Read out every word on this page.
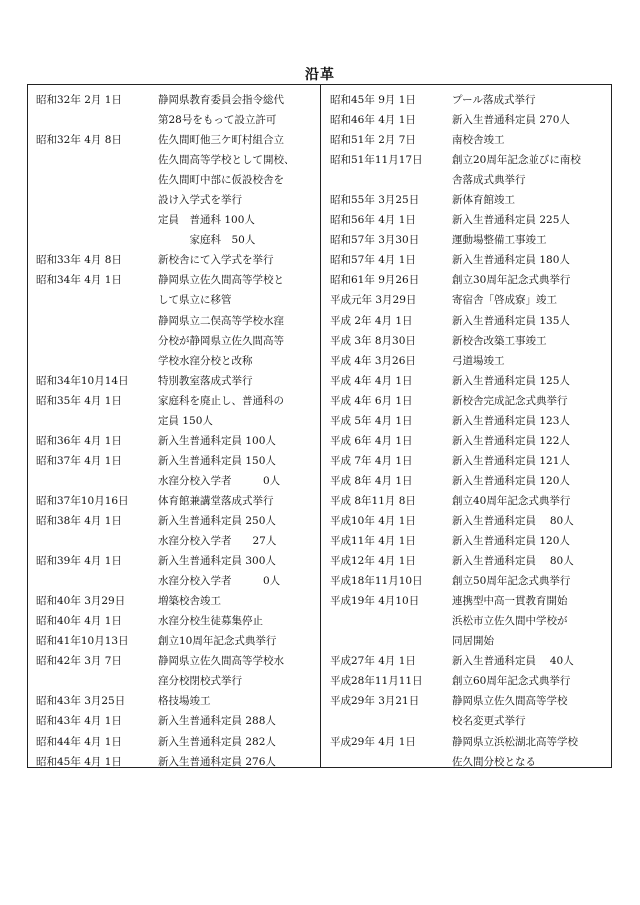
沿革
昭和32年 2月 1日	静岡県教育委員会指令総代
第28号をもって設立許可
昭和32年 4月 8日	佐久間町他三ケ町村組合立
佐久間高等学校として開校、
佐久間町中部に仮設校舎を
設け入学式を挙行
定員　普通科 100人
　　　家庭科　50人
昭和33年 4月 8日	新校舎にて入学式を挙行
昭和34年 4月 1日	静岡県立佐久間高等学校と
して県立に移管
静岡県立二俣高等学校水窪
分校が静岡県立佐久間高等
学校水窪分校と改称
昭和34年10月14日	特別教室落成式挙行
昭和35年 4月 1日	家庭科を廃止し、普通科の
定員 150人
昭和36年 4月 1日	新入生普通科定員 100人
昭和37年 4月 1日	新入生普通科定員 150人
水窪分校入学者　　　0人
昭和37年10月16日	体育館兼講堂落成式挙行
昭和38年 4月 1日	新入生普通科定員 250人
水窪分校入学者　　27人
昭和39年 4月 1日	新入生普通科定員 300人
水窪分校入学者　　　0人
昭和40年 3月29日	増築校舎竣工
昭和40年 4月 1日	水窪分校生徒募集停止
昭和41年10月13日	創立10周年記念式典挙行
昭和42年 3月 7日	静岡県立佐久間高等学校水
窪分校閉校式挙行
昭和43年 3月25日	格技場竣工
昭和43年 4月 1日	新入生普通科定員 288人
昭和44年 4月 1日	新入生普通科定員 282人
昭和45年 4月 1日	新入生普通科定員 276人
昭和45年 9月 1日	プール落成式挙行
昭和46年 4月 1日	新入生普通科定員 270人
昭和51年 2月 7日	南校舎竣工
昭和51年11月17日	創立20周年記念並びに南校
舎落成式典挙行
昭和55年 3月25日	新体育館竣工
昭和56年 4月 1日	新入生普通科定員 225人
昭和57年 3月30日	運動場整備工事竣工
昭和57年 4月 1日	新入生普通科定員 180人
昭和61年 9月26日	創立30周年記念式典挙行
平成元年 3月29日	寄宿舎「啓成寮」竣工
平成 2年 4月 1日	新入生普通科定員 135人
平成 3年 8月30日	新校舎改築工事竣工
平成 4年 3月26日	弓道場竣工
平成 4年 4月 1日	新入生普通科定員 125人
平成 4年 6月 1日	新校舎完成記念式典挙行
平成 5年 4月 1日	新入生普通科定員 123人
平成 6年 4月 1日	新入生普通科定員 122人
平成 7年 4月 1日	新入生普通科定員 121人
平成 8年 4月 1日	新入生普通科定員 120人
平成 8年11月 8日	創立40周年記念式典挙行
平成10年 4月 1日	新入生普通科定員　 80人
平成11年 4月 1日	新入生普通科定員 120人
平成12年 4月 1日	新入生普通科定員　 80人
平成18年11月10日	創立50周年記念式典挙行
平成19年 4月10日	連携型中高一貫教育開始
浜松市立佐久間中学校が
同居開始
平成27年 4月 1日	新入生普通科定員　 40人
平成28年11月11日	創立60周年記念式典挙行
平成29年 3月21日	静岡県立佐久間高等学校
校名変更式挙行
平成29年 4月 1日	静岡県立浜松湖北高等学校
佐久間分校となる
